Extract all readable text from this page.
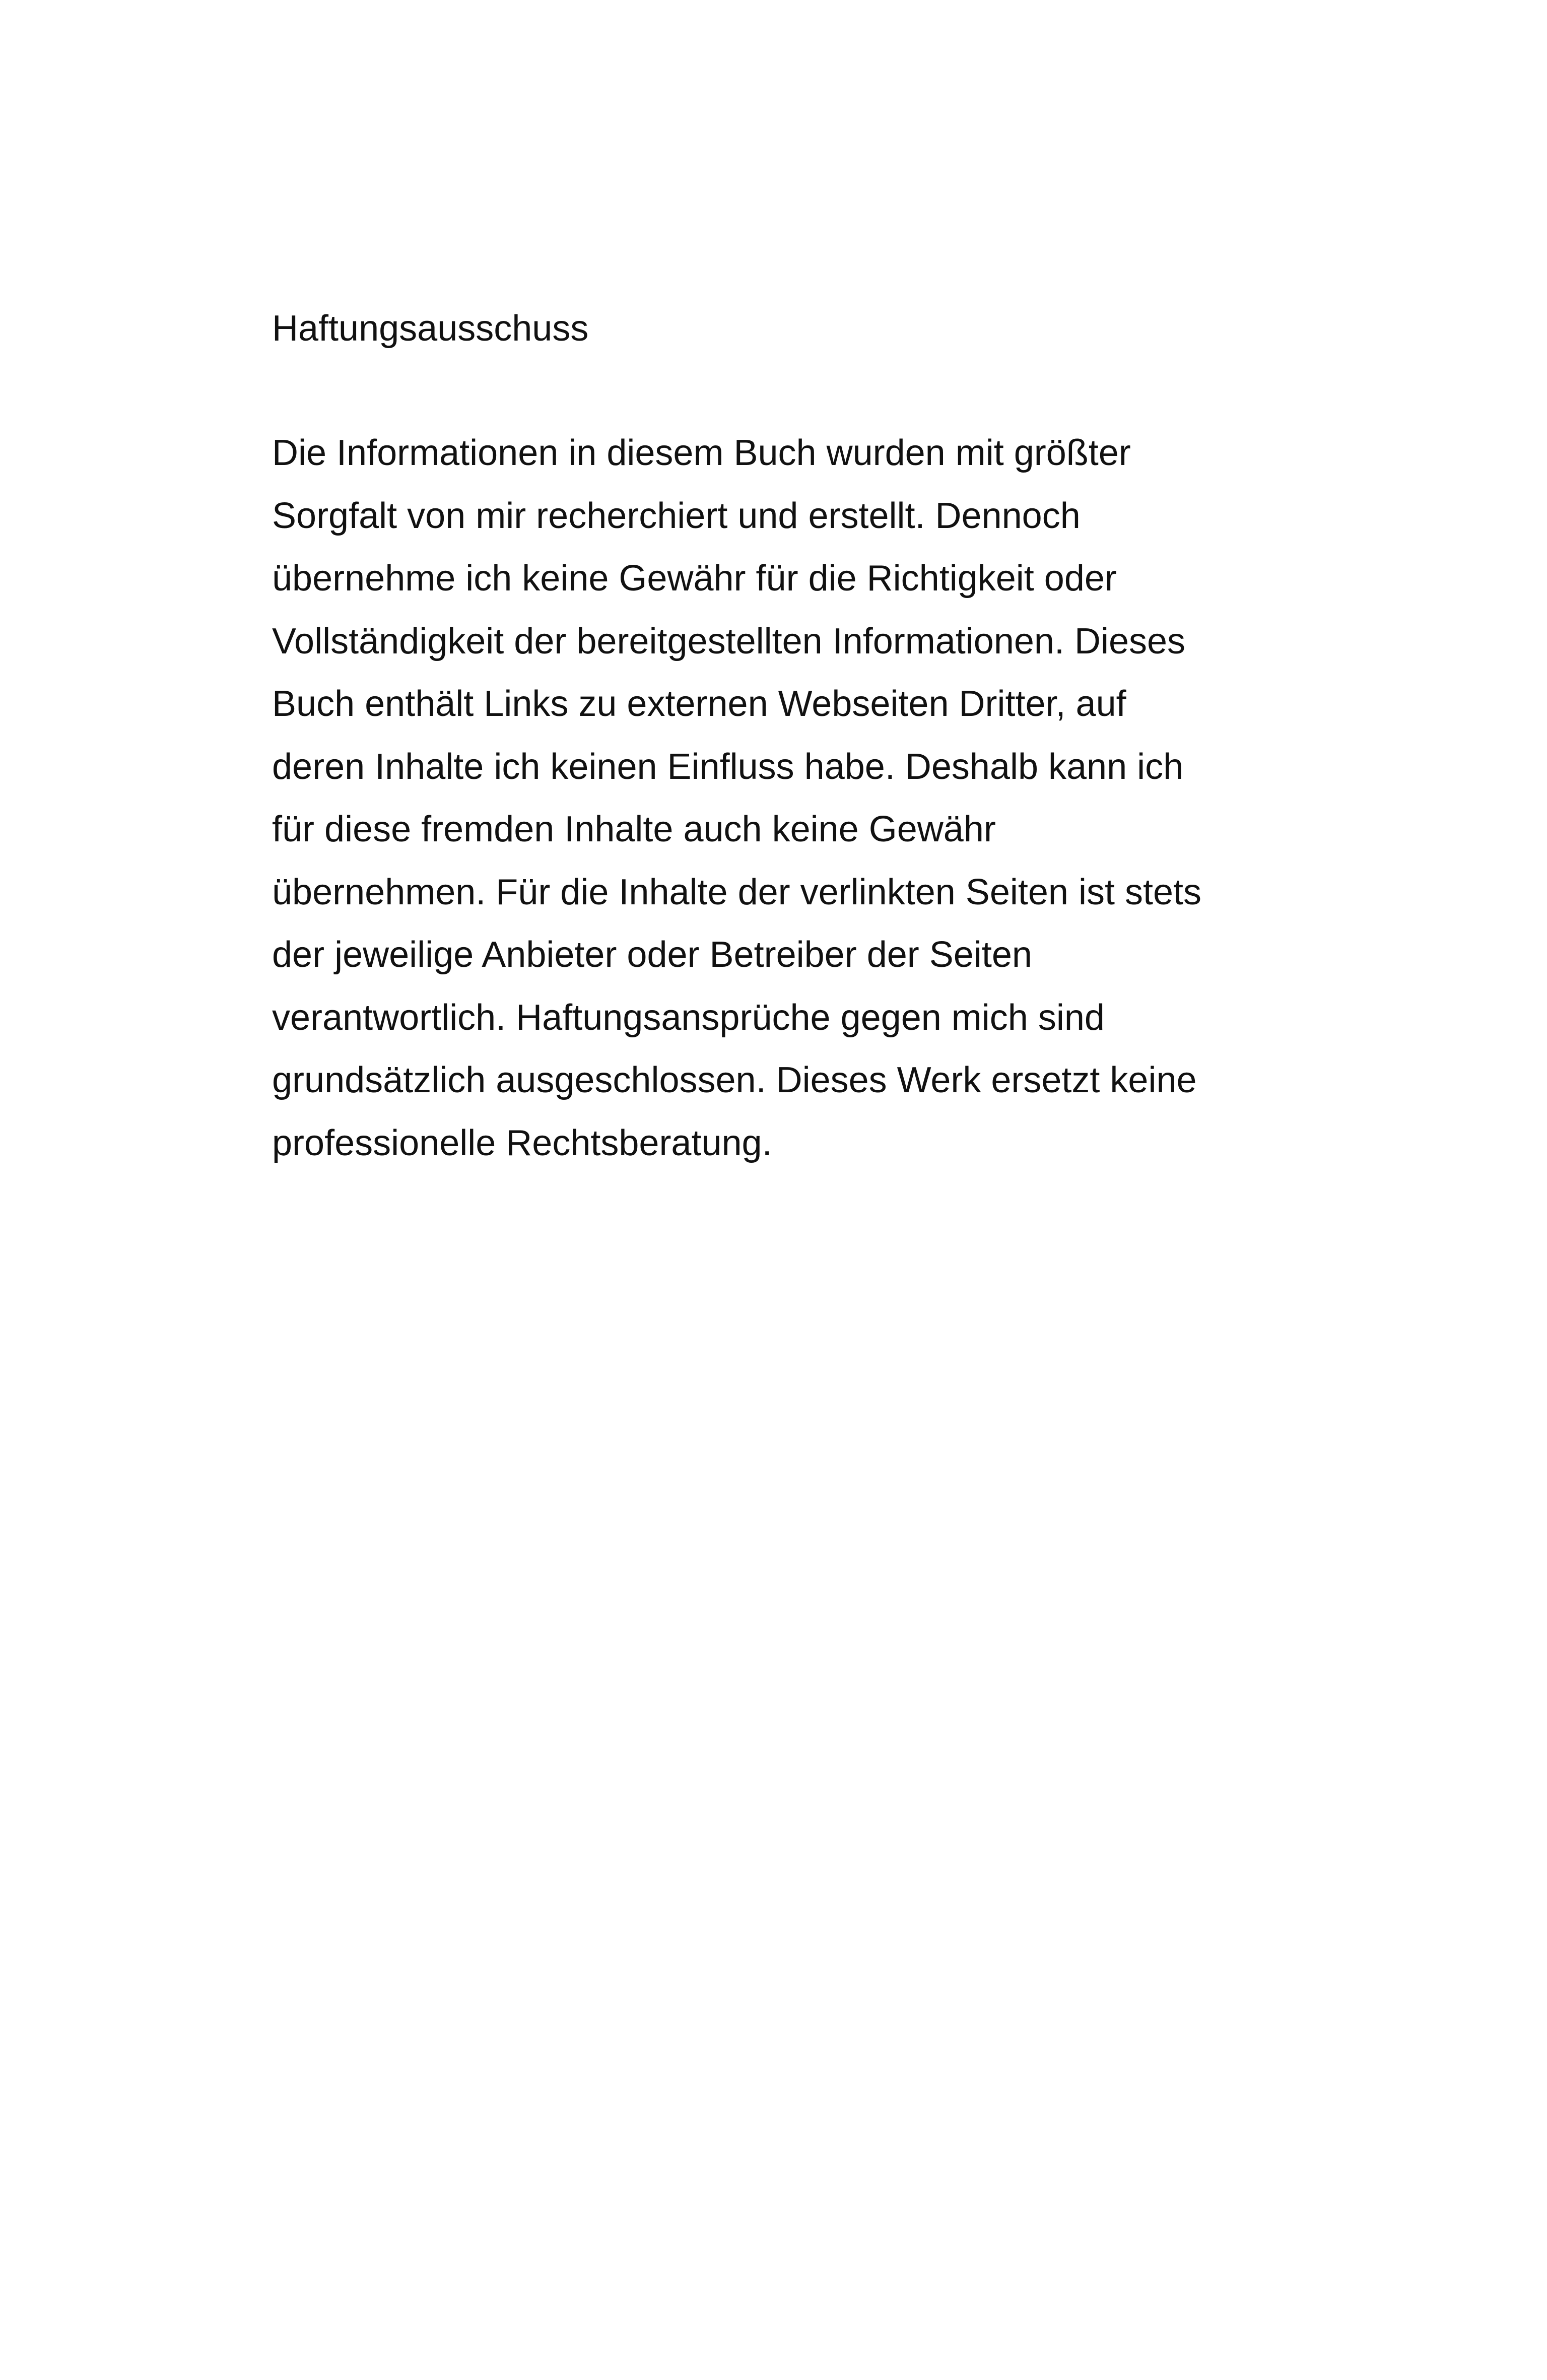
Haftungsausschuss
Die Informationen in diesem Buch wurden mit größter
Sorgfalt von mir recherchiert und erstellt. Dennoch
übernehme ich keine Gewähr für die Richtigkeit oder
Vollständigkeit der bereitgestellten Informationen. Dieses
Buch enthält Links zu externen Webseiten Dritter, auf
deren Inhalte ich keinen Einfluss habe. Deshalb kann ich
für diese fremden Inhalte auch keine Gewähr
übernehmen. Für die Inhalte der verlinkten Seiten ist stets
der jeweilige Anbieter oder Betreiber der Seiten
verantwortlich. Haftungsansprüche gegen mich sind
grundsätzlich ausgeschlossen. Dieses Werk ersetzt keine
professionelle Rechtsberatung.
